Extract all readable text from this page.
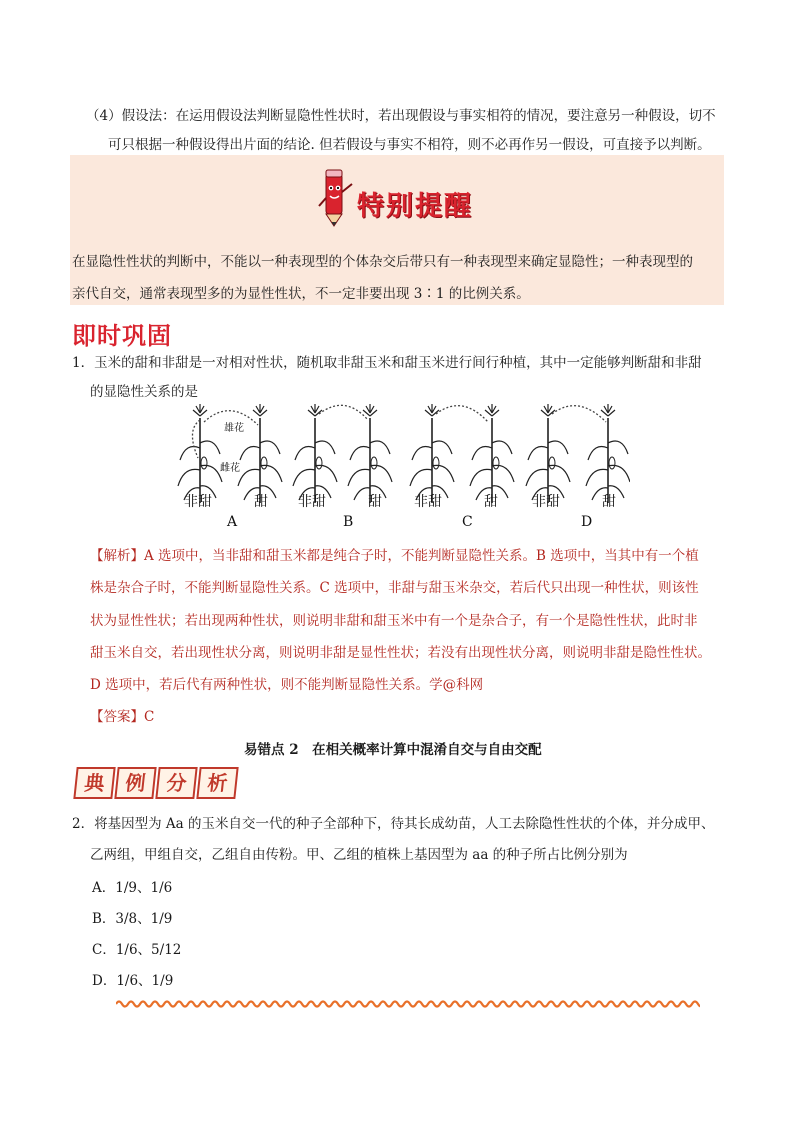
（4）假设法：在运用假设法判断显隐性性状时，若出现假设与事实相符的情况，要注意另一种假设，切不
可只根据一种假设得出片面的结论. 但若假设与事实不相符，则不必再作另一假设，可直接予以判断。
特别提醒
在显隐性性状的判断中，不能以一种表现型的个体杂交后带只有一种表现型来确定显隐性；一种表现型的
亲代自交，通常表现型多的为显性性状，不一定非要出现 3∶1 的比例关系。
即时巩固
1．玉米的甜和非甜是一对相对性状，随机取非甜玉米和甜玉米进行间行种植，其中一定能够判断甜和非甜
的显隐性关系的是
雄花
雌花
非甜	甜 非甜	甜 非甜	甜 非甜	甜
A	B	C	D
【解析】A 选项中，当非甜和甜玉米都是纯合子时，不能判断显隐性关系。B 选项中，当其中有一个植
株是杂合子时，不能判断显隐性关系。C 选项中，非甜与甜玉米杂交，若后代只出现一种性状，则该性
状为显性性状；若出现两种性状，则说明非甜和甜玉米中有一个是杂合子，有一个是隐性性状，此时非
甜玉米自交，若出现性状分离，则说明非甜是显性性状；若没有出现性状分离，则说明非甜是隐性性状。
D 选项中，若后代有两种性状，则不能判断显隐性关系。学@科网
【答案】C
易错点 2　在相关概率计算中混淆自交与自由交配
典 例 分 析
2．将基因型为 Aa 的玉米自交一代的种子全部种下，待其长成幼苗，人工去除隐性性状的个体，并分成甲、
乙两组，甲组自交，乙组自由传粉。甲、乙组的植株上基因型为 aa 的种子所占比例分别为
A．1/9、1/6
B．3/8、1/9
C．1/6、5/12
D．1/6、1/9
